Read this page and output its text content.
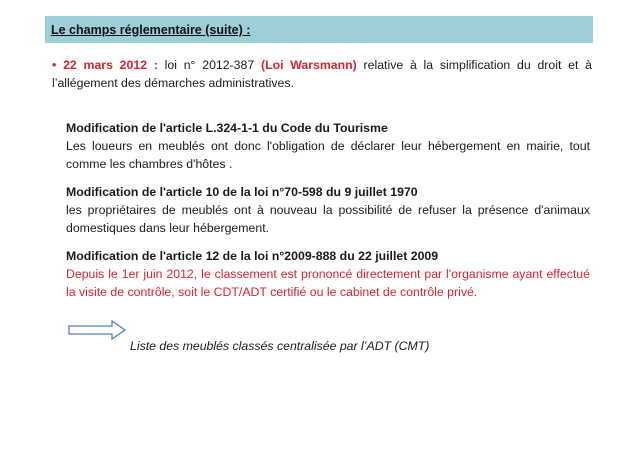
Le champs réglementaire (suite) :
• 22 mars 2012 : loi n° 2012-387 (Loi Warsmann) relative à la simplification du droit et à l’allégement des démarches administratives.
Modification de l'article L.324-1-1 du Code du Tourisme
Les loueurs en meublés ont donc l'obligation de déclarer leur hébergement en mairie, tout comme les chambres d'hôtes .
Modification de l'article 10 de la loi n°70-598 du 9 juillet 1970
les propriétaires de meublés ont à nouveau la possibilité de refuser la présence d'animaux domestiques dans leur hébergement.
Modification de l'article 12 de la loi n°2009-888 du 22 juillet 2009
Depuis le 1er juin 2012, le classement est prononcé directement par l'organisme ayant effectué la visite de contrôle, soit le CDT/ADT certifié ou le cabinet de contrôle privé.
Liste des meublés classés centralisée par l’ADT (CMT)
